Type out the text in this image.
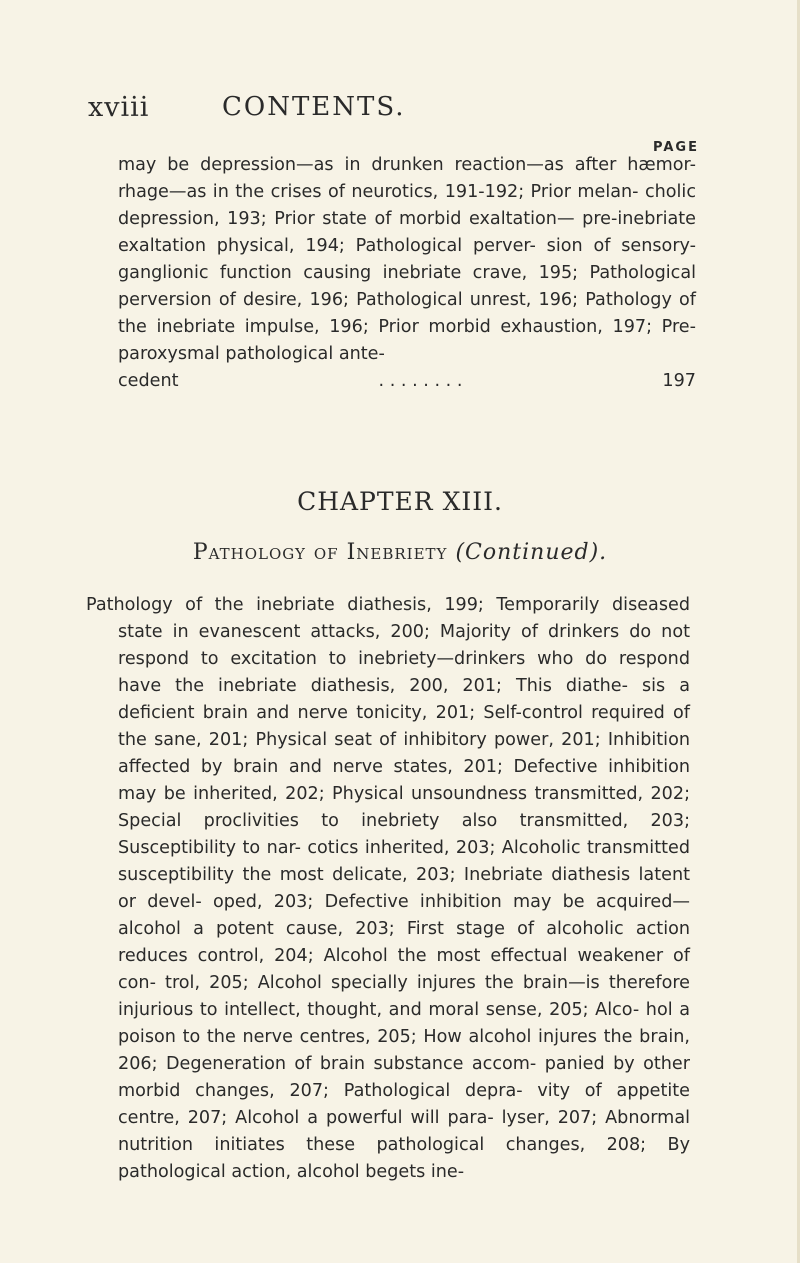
xviii	CONTENTS.
PAGE
may be depression—as in drunken reaction—as after hæmor- rhage—as in the crises of neurotics, 191-192; Prior melan- cholic depression, 193; Prior state of morbid exaltation— pre-inebriate exaltation physical, 194; Pathological perver- sion of sensory-ganglionic function causing inebriate crave, 195; Pathological perversion of desire, 196; Pathological unrest, 196; Pathology of the inebriate impulse, 196; Prior morbid exhaustion, 197; Pre-paroxysmal pathological ante-
cedent	. . . . . . . .	197
CHAPTER XIII.
Pathology of Inebriety (Continued).
Pathology of the inebriate diathesis, 199; Temporarily diseased state in evanescent attacks, 200; Majority of drinkers do not respond to excitation to inebriety—drinkers who do respond have the inebriate diathesis, 200, 201; This diathe- sis a deficient brain and nerve tonicity, 201; Self-control required of the sane, 201; Physical seat of inhibitory power, 201; Inhibition affected by brain and nerve states, 201; Defective inhibition may be inherited, 202; Physical unsoundness transmitted, 202; Special proclivities to inebriety also transmitted, 203; Susceptibility to nar- cotics inherited, 203; Alcoholic transmitted susceptibility the most delicate, 203; Inebriate diathesis latent or devel- oped, 203; Defective inhibition may be acquired—alcohol a potent cause, 203; First stage of alcoholic action reduces control, 204; Alcohol the most effectual weakener of con- trol, 205; Alcohol specially injures the brain—is therefore injurious to intellect, thought, and moral sense, 205; Alco- hol a poison to the nerve centres, 205; How alcohol injures the brain, 206; Degeneration of brain substance accom- panied by other morbid changes, 207; Pathological depra- vity of appetite centre, 207; Alcohol a powerful will para- lyser, 207; Abnormal nutrition initiates these pathological changes, 208; By pathological action, alcohol begets ine-
